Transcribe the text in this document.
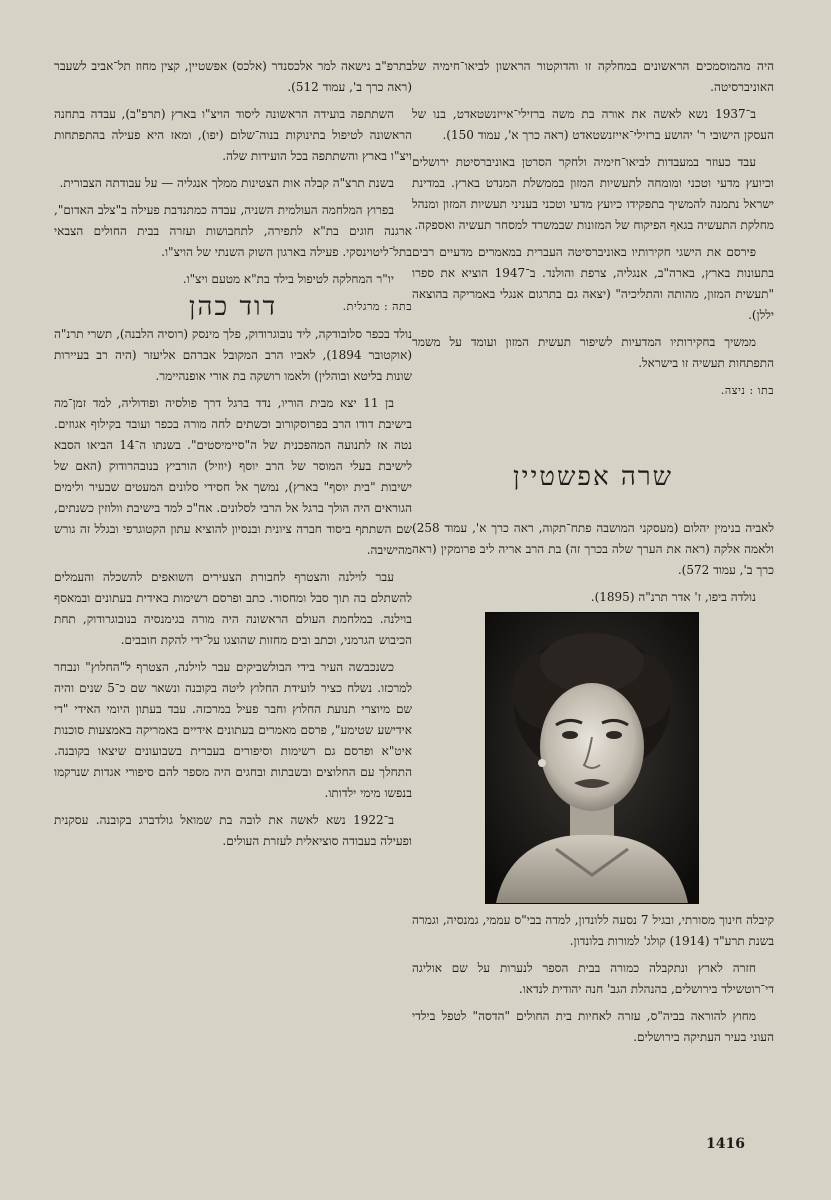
היה מהמוסמכים הראשונים במחלקה זו והדוקטור הראשון לביאו־חימיה של האוניברסיטה.

ב־1937 נשא לאשה את אורה בת משה ברזילי־אייזנשטאדט, בנו של העסקן הישובי ר' יהושע ברזילי־אייזנשטאדט (ראה כרך א', עמוד 150).

עבד כעוזר במעבדות לביאו־חימיה ולחקר הסרטן באוניברסיטת ירושלים וכיועץ מדעי וטכני ומומחה לתעשיות המזון בממשלת המנדט בארץ. במדינת ישראל נתמנה להמשיך בתפקידו כיועץ מדעי וטכני בעניני תעשיות המזון ומנהל מחלקת התעשיה בגאף הפיקוח של המזונות שבמשרד למסחר תעשיה ואספקה.

פירסם את הישגי חקירותיו באוניברסיטה העברית במאמרים מדעיים רבים בתעונות בארץ, בארה"ב, אנגליה, צרפת והולנד. ב־1947 הוציא את ספרו "תעשית המזון, מהותה והתליכיה" (יצאה גם בתרגום אנגלי באמריקה בהוצאה יללן).

ממשיך בחקירותיו המדעיות לשיפור תעשית המזון ועומד על משמר התפתחות תעשיה זו בישראל.

בתו : ניצה.

שרה אפשטיין

לאביה בנימין יהלום (מעסקני המושבה פתח־תקוה, ראה כרך א', עמוד 258) ולאמה אלקה (ראה את הערך שלה בכרך זה) בת הרב אריה ליב פרומקין (ראה כרך ב', עמוד 572).

נולדה ביפו, ז' אדר תרנ"ה (1895).

קיבלה חינוך מסורתי, ובגיל 7 נסעה ללונדון, למדה בבי"ס עממי, גמנסיה, וגמרה בשנת תרע"ד (1914) קולג' למורות בלונדון.

חזרה לארץ ונתקבלה כמורה בבית הספר לנערות על שם אוליגה די־רוטשילד בירושלים, בהנהלת הגב' חנה יהודית לנדאו.

מחוץ להוראה בביה"ס, עזרה לאחיות בית החולים "הדסה" לטפל בילדי העוני בעיר העתיקה בירושלים.

בתרפ"ב נישאה למר אלכסנדר (אלכס) אפשטיין, קצין מחוז תל־אביב לשעבר (ראה כרך ב', עמוד 512).

השתתפה בועידה הראשונה ליסוד הויצ"ו בארץ (תרפ"ב), עבדה בתחנה הראשונה לטיפול בתינוקות בנוה־שלום (יפו), ומאז היא פעילה בהתפתחות ויצ"ו בארץ והשתתפה בכל הועידות שלה.

בשנת תרצ"ה קבלה אות הצטינות ממלך אנגליה — על עבודתה הצבורית.

בפרוץ המלחמה העולמית השניה, עבדה כמתנדבת פעילה ב"צלב האדום", ארגנה חוגים בת"א לתפירה, לתחבושות ועזרה בבית החולים הצבאי בתל־ליטוינסקי. פעילה בארגון השוק השנתי של הויצ"ו.

יו"ר המחלקה לטיפול בילד בת"א מטעם ויצ"ו.

בתה : מרגלית.

דוד כהן

נולד בכפר סלובודקה, ליד נובוגרודוק, פלך מינסק (רוסיה הלבנה), תשרי תרנ"ה (אוקטובר 1894), לאביו הרב המקובל אברהם אליעזר (היה רב בעיירות שונות בליטא ובוהלין) ולאמו רושקה בת אורי אופנהיימר.

בן 11 יצא מבית הוריו, נדד ברגל דרך פולסיה ופודוליה, למד זמן־מה בישיבת דודו הרב בפרוסקורוב וכשתים לחה מורה בכפר ועובד בקילוף אגוזים. נטה אז לתנועה המהפכנית של ה"סיימיסטים". בשנתו ה־14 הביאו הסבא לישיבת בעלי המוסר של הרב יוסף (יוזיל) הורביץ בנובהרודוק (האם של ישיבות "בית יוסף" בארץ), נמשך אל חסידי סלונים המעטים שבעיר ולימים הגוראים היה הולך ברגל אל הרבי לסלונים. אח"כ למד בישיבת וולוזין כשנתים, שם השתתף ביסוד חברה ציונית ובנסיון להוציא עתון הקטוגרפי ובגלל זה גורש מהישיבה.

עבר לוילנה והצטרף לחבורת הצעירים השואפים להשכלה והעמלים להשתלם בה תוך סבל ומחסור. כתב ופרסם רשימות באידית בעתונים ובמאסף בוילנה. במלחמת העולם הראשונה היה מורה בגימנסיה בנובוגרודוק, תחת הכיבוש הגרמני, וכתב ובים מחזות שהוצגו על־ידי להקת חובבים.

כשנכבשה העיר בידי הבולשביקים עבר לוילנה, הצטרף ל"החלוץ" ונבחר למרכזו. נשלח כציר לועידת החלוץ ליטה בקובנה ונשאר שם כ־5 שנים והיה שם מיוצרי תנועת החלוץ וחבר פעיל במרכזה. עבד בעתון היומי האידי "די אידישע שטימע", פרסם מאמרים בעתונים אידיים באמריקה באמצעות סוכנות איט"א ופרסם גם רשימות וסיפורים בעברית בשבועונים שיצאו בקובנה. התחלך עם החלוצים ובשבתות ובחגים היה מספר להם סיפורי אגדות שנרקמו בנפשו מימי ילדותו.

ב־1922 נשא לאשה את לובה בת שמואל גולדברג בקובנה. עסקנית ופעילה בעבודה סוציאלית לעזרת העולים.

1416
